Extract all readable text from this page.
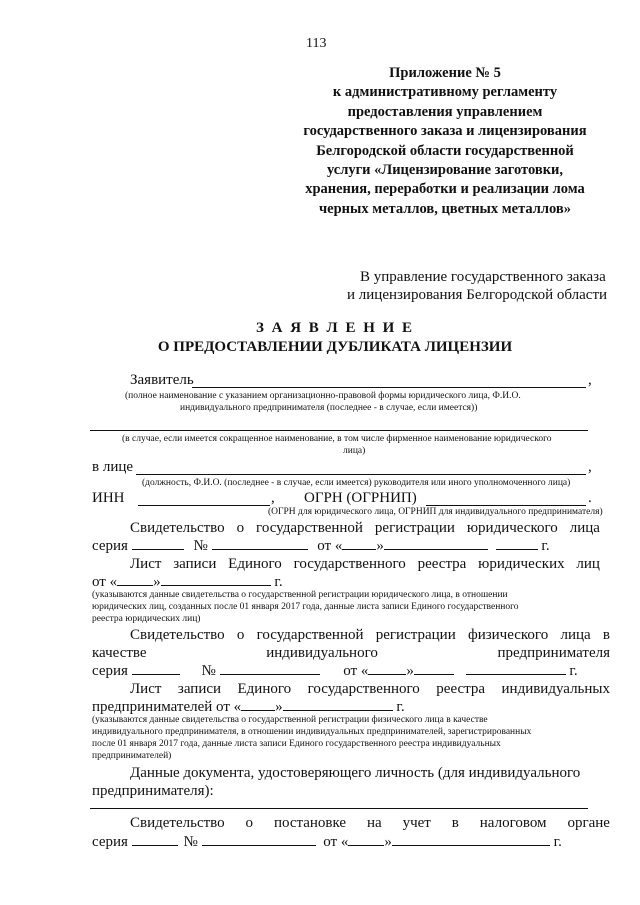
113
Приложение № 5
к административному регламенту
предоставления управлением
государственного заказа и лицензирования
Белгородской области государственной
услуги «Лицензирование заготовки,
хранения, переработки и реализации лома
черных металлов, цветных металлов»
В управление государственного заказа
и лицензирования Белгородской области
З А Я В Л Е Н И Е
О ПРЕДОСТАВЛЕНИИ ДУБЛИКАТА ЛИЦЕНЗИИ
Заявитель	,
(полное наименование с указанием организационно-правовой формы юридического лица, Ф.И.О.
индивидуального предпринимателя (последнее - в случае, если имеется))
(в случае, если имеется сокращенное наименование, в том числе фирменное наименование юридического
лица)
в лице	,
(должность, Ф.И.О. (последнее - в случае, если имеется) руководителя или иного уполномоченного лица)
ИНН	, ОГРН (ОГРНИП)	.
(ОГРН для юридического лица, ОГРНИП для индивидуального предпринимателя)
Свидетельство о государственной регистрации юридического лица
серия	№	от « »	г.
Лист записи Единого государственного реестра юридических лиц
от « »	г.
(указываются данные свидетельства о государственной регистрации юридического лица, в отношении
юридических лиц, созданных после 01 января 2017 года, данные листа записи Единого государственного
реестра юридических лиц)
Свидетельство о государственной регистрации физического лица в
качестве	индивидуального	предпринимателя
серия	№	от «	»	г.
Лист записи Единого государственного реестра индивидуальных
предпринимателей от « »	г.
(указываются данные свидетельства о государственной регистрации физического лица в качестве
индивидуального предпринимателя, в отношении индивидуальных предпринимателей, зарегистрированных
после 01 января 2017 года, данные листа записи Единого государственного реестра индивидуальных
предпринимателей)
Данные документа, удостоверяющего личность (для индивидуального
предпринимателя):
Свидетельство о постановке на учет в налоговом органе
серия	№	от « »	г.
